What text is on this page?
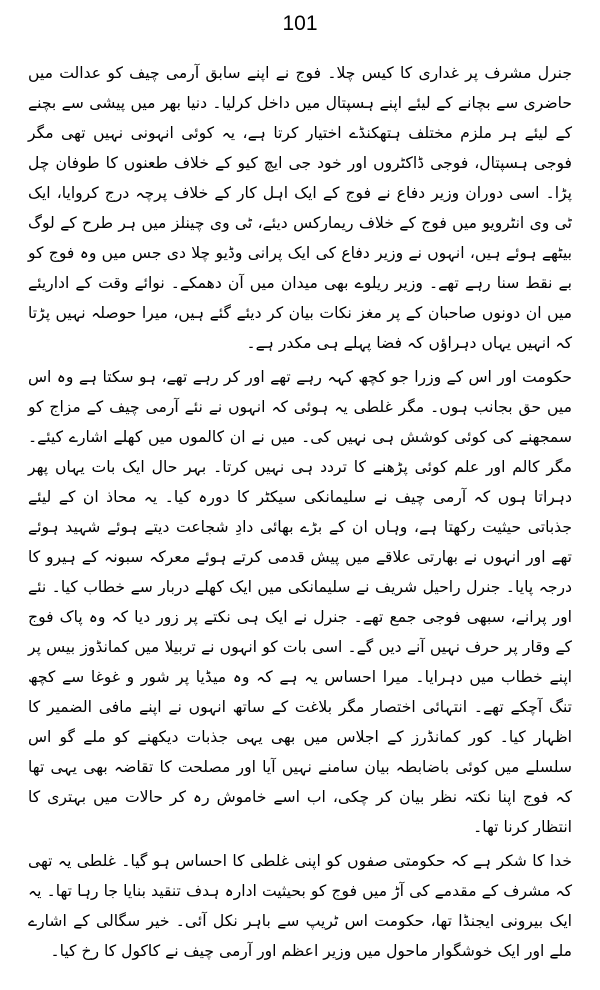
101

جنرل مشرف پر غداری کا کیس چلا۔ فوج نے اپنے سابق آرمی چیف کو عدالت میں حاضری سے بچانے کے لیئے اپنے ہسپتال میں داخل کرلیا۔ دنیا بھر میں پیشی سے بچنے کے لیئے ہر ملزم مختلف ہتھکنڈے اختیار کرتا ہے، یہ کوئی انہونی نہیں تھی مگر فوجی ہسپتال، فوجی ڈاکٹروں اور خود جی ایچ کیو کے خلاف طعنوں کا طوفان چل پڑا۔ اسی دوران وزیر دفاع نے فوج کے ایک اہل کار کے خلاف پرچہ درج کروایا، ایک ٹی وی انٹرویو میں فوج کے خلاف ریمارکس دیئے، ٹی وی چینلز میں ہر طرح کے لوگ بیٹھے ہوئے ہیں، انہوں نے وزیر دفاع کی ایک پرانی وڈیو چلا دی جس میں وہ فوج کو بے نقط سنا رہے تھے۔ وزیر ریلوے بھی میدان میں آن دھمکے۔ نوائے وقت کے اداریئے میں ان دونوں صاحبان کے پر مغز نکات بیان کر دیئے گئے ہیں، میرا حوصلہ نہیں پڑتا کہ انہیں یہاں دہراؤں کہ فضا پہلے ہی مکدر ہے۔

حکومت اور اس کے وزرا جو کچھ کہہ رہے تھے اور کر رہے تھے، ہو سکتا ہے وہ اس میں حق بجانب ہوں۔ مگر غلطی یہ ہوئی کہ انہوں نے نئے آرمی چیف کے مزاج کو سمجھنے کی کوئی کوشش ہی نہیں کی۔ میں نے ان کالموں میں کھلے اشارے کیئے۔ مگر کالم اور علم کوئی پڑھنے کا تردد ہی نہیں کرتا۔ بہر حال ایک بات یہاں پھر دہراتا ہوں کہ آرمی چیف نے سلیمانکی سیکٹر کا دورہ کیا۔ یہ محاذ ان کے لیئے جذباتی حیثیت رکھتا ہے، وہاں ان کے بڑے بھائی دادِ شجاعت دیتے ہوئے شہید ہوئے تھے اور انہوں نے بھارتی علاقے میں پیش قدمی کرتے ہوئے معرکہ سبونہ کے ہیرو کا درجہ پایا۔ جنرل راحیل شریف نے سلیمانکی میں ایک کھلے دربار سے خطاب کیا۔ نئے اور پرانے، سبھی فوجی جمع تھے۔ جنرل نے ایک ہی نکتے پر زور دیا کہ وہ پاک فوج کے وقار پر حرف نہیں آنے دیں گے۔ اسی بات کو انہوں نے تربیلا میں کمانڈوز بیس پر اپنے خطاب میں دہرایا۔ میرا احساس یہ ہے کہ وہ میڈیا پر شور و غوغا سے کچھ تنگ آچکے تھے۔ انتہائی اختصار مگر بلاغت کے ساتھ انہوں نے اپنے مافی الضمیر کا اظہار کیا۔ کور کمانڈرز کے اجلاس میں بھی یہی جذبات دیکھنے کو ملے گو اس سلسلے میں کوئی باضابطہ بیان سامنے نہیں آیا اور مصلحت کا تقاضہ بھی یہی تھا کہ فوج اپنا نکتہ نظر بیان کر چکی، اب اسے خاموش رہ کر حالات میں بہتری کا انتظار کرنا تھا۔

خدا کا شکر ہے کہ حکومتی صفوں کو اپنی غلطی کا احساس ہو گیا۔ غلطی یہ تھی کہ مشرف کے مقدمے کی آڑ میں فوج کو بحیثیت ادارہ ہدف تنقید بنایا جا رہا تھا۔ یہ ایک بیرونی ایجنڈا تھا، حکومت اس ٹریپ سے باہر نکل آئی۔ خیر سگالی کے اشارے ملے اور ایک خوشگوار ماحول میں وزیر اعظم اور آرمی چیف نے کاکول کا رخ کیا۔
